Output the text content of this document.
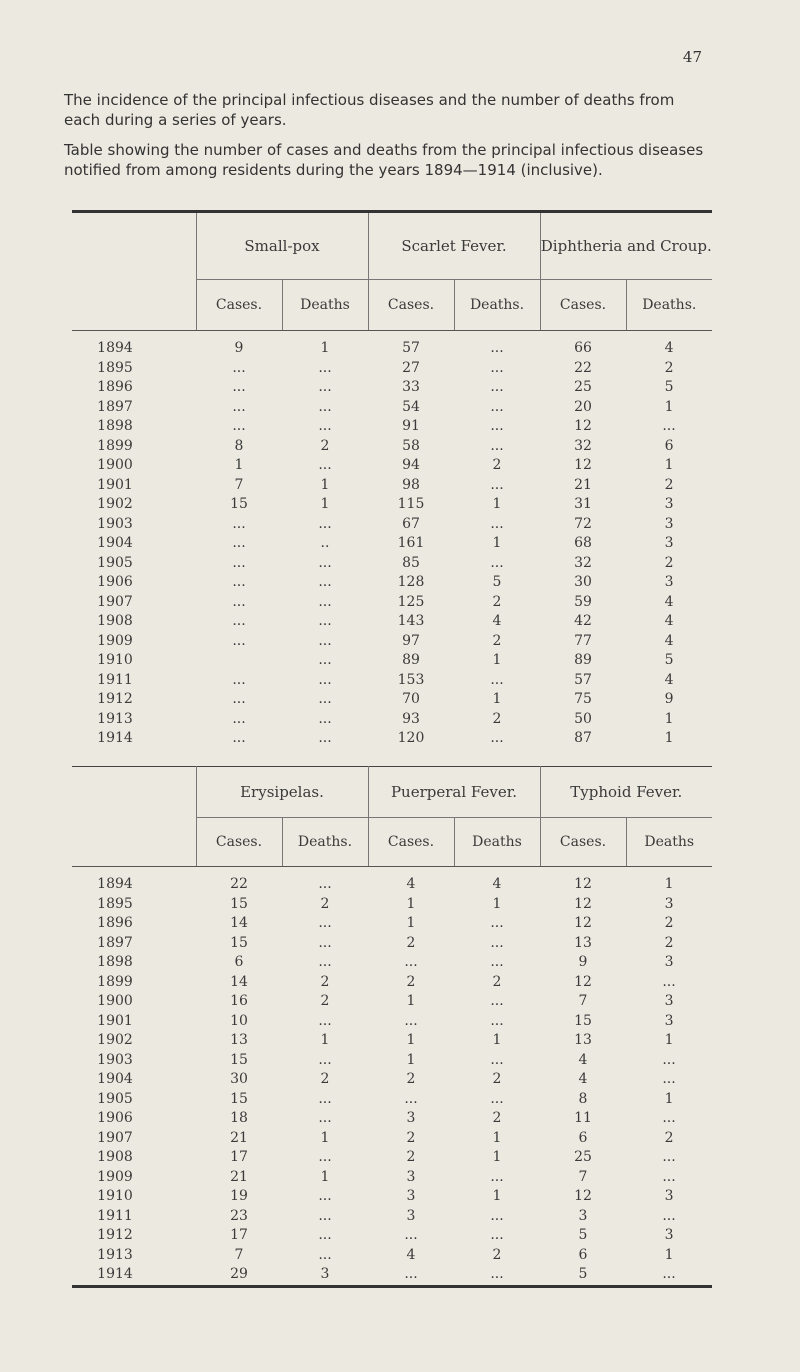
47
The incidence of the principal infectious diseases and the number of deaths from each during a series of years.
Table showing the number of cases and deaths from the principal infectious diseases notified from among residents during the years 1894—1914 (inclusive).
	Small-pox		Scarlet Fever.		Diphtheria and Croup.	
	Cases.	Deaths	Cases.	Deaths.	Cases.	Deaths.

1894	9	1	57	...	66	4
1895	...	...	27	...	22	2
1896	...	...	33	...	25	5
1897	...	...	54	...	20	1
1898	...	...	91	...	12	...
1899	8	2	58	...	32	6
1900	1	...	94	2	12	1
1901	7	1	98	...	21	2
1902	15	1	115	1	31	3
1903	...	...	67	...	72	3
1904	...	..	161	1	68	3
1905	...	...	85	...	32	2
1906	...	...	128	5	30	3
1907	...	...	125	2	59	4
1908	...	...	143	4	42	4
1909	...	...	97	2	77	4
1910		...	89	1	89	5
1911	...	...	153	...	57	4
1912	...	...	70	1	75	9
1913	...	...	93	2	50	1
1914	...	...	120	...	87	1
	Erysipelas.		Puerperal Fever.		Typhoid Fever.	
	Cases.	Deaths.	Cases.	Deaths	Cases.	Deaths

1894	22	...	4	4	12	1
1895	15	2	1	1	12	3
1896	14	...	1	...	12	2
1897	15	...	2	...	13	2
1898	6	...	...	...	9	3
1899	14	2	2	2	12	...
1900	16	2	1	...	7	3
1901	10	...	...	...	15	3
1902	13	1	1	1	13	1
1903	15	...	1	...	4	...
1904	30	2	2	2	4	...
1905	15	...	...	...	8	1
1906	18	...	3	2	11	...
1907	21	1	2	1	6	2
1908	17	...	2	1	25	...
1909	21	1	3	...	7	...
1910	19	...	3	1	12	3
1911	23	...	3	...	3	...
1912	17	...	...	...	5	3
1913	7	...	4	2	6	1
1914	29	3	...	...	5	...
